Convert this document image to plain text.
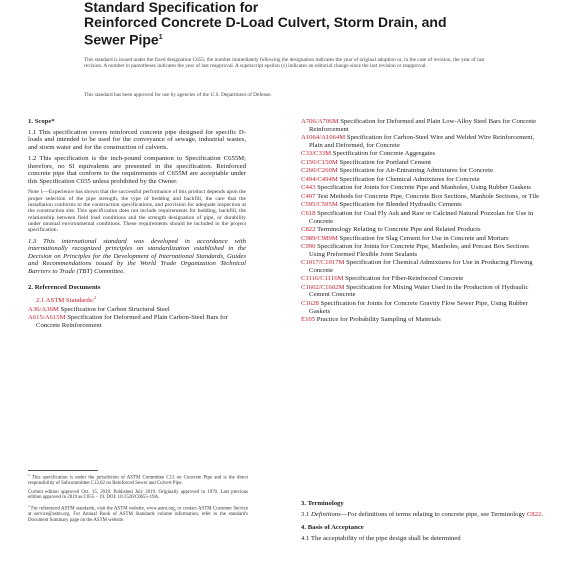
Standard Specification for
Reinforced Concrete D-Load Culvert, Storm Drain, and
Sewer Pipe$^1$
This standard is issued under the fixed designation C655; the number immediately following the designation indicates the year of original adoption or, in the case of revision, the year of last revision. A number in parentheses indicates the year of last reapproval. A superscript epsilon (ε) indicates an editorial change since the last revision or reapproval.
This standard has been approved for use by agencies of the U.S. Department of Defense.
1. Scope*
1.1 This specification covers reinforced concrete pipe designed for specific D-loads and intended to be used for the conveyance of sewage, industrial wastes, and storm water and for the construction of culverts.
1.2 This specification is the inch-pound companion to Specification C655M; therefore, no SI equivalents are presented in the specification. Reinforced concrete pipe that conform to the requirements of C655M are acceptable under this Specification C655 unless prohibited by the Owner.
Note 1—Experience has shown that the successful performance of this product depends upon the proper selection of the pipe strength, the type of bedding and backfill, the care that the installation conforms to the construction specifications, and provision for adequate inspection at the construction site. This specification does not include requirements for bedding, backfill, the relationship between field load conditions and the strength designation of pipe, or durability under unusual environmental conditions. These requirements should be included in the project specification.
1.3 This international standard was developed in accordance with internationally recognized principles on standardization established in the Decision on Principles for the Development of International Standards, Guides and Recommendations issued by the World Trade Organization Technical Barriers to Trade (TBT) Committee.
2. Referenced Documents
2.1 ASTM Standards:$^2$
A36/A36M Specification for Carbon Structural Steel
A615/A615M Specification for Deformed and Plain Carbon-Steel Bars for Concrete Reinforcement

$^1$ This specification is under the jurisdiction of ASTM Committee C13 on Concrete Pipe and is the direct responsibility of Subcommittee C13.02 on Reinforced Sewer and Culvert Pipe.

Current edition approved Oct. 15, 2019. Published July 2019. Originally approved in 1970. Last previous edition approved in 2019 as C655 – 19. DOI: 10.1520/C0655-19A.

$^2$ For referenced ASTM standards, visit the ASTM website, www.astm.org, or contact ASTM Customer Service at service@astm.org. For Annual Book of ASTM Standards volume information, refer to the standard's Document Summary page on the ASTM website.

A706/A706M Specification for Deformed and Plain Low-Alloy Steel Bars for Concrete Reinforcement
A1064/A1064M Specification for Carbon-Steel Wire and Welded Wire Reinforcement, Plain and Deformed, for Concrete
C33/C33M Specification for Concrete Aggregates
C150/C150M Specification for Portland Cement
C260/C260M Specification for Air-Entraining Admixtures for Concrete
C494/C494M Specification for Chemical Admixtures for Concrete
C443 Specification for Joints for Concrete Pipe and Manholes, Using Rubber Gaskets
C497 Test Methods for Concrete Pipe, Concrete Box Sections, Manhole Sections, or Tile
C595/C595M Specification for Blended Hydraulic Cements
C618 Specification for Coal Fly Ash and Raw or Calcined Natural Pozzolan for Use in Concrete
C822 Terminology Relating to Concrete Pipe and Related Products
C989/C989M Specification for Slag Cement for Use in Concrete and Mortars
C990 Specification for Joints for Concrete Pipe, Manholes, and Precast Box Sections Using Preformed Flexible Joint Sealants
C1017/C1017M Specification for Chemical Admixtures for Use in Producing Flowing Concrete
C1116/C1116M Specification for Fiber-Reinforced Concrete
C1602/C1602M Specification for Mixing Water Used in the Production of Hydraulic Cement Concrete
C1628 Specification for Joints for Concrete Gravity Flow Sewer Pipe, Using Rubber Gaskets
E105 Practice for Probability Sampling of Materials
3. Terminology
3.1 Definitions—For definitions of terms relating to concrete pipe, see Terminology C822.
4. Basis of Acceptance
4.1 The acceptability of the pipe design shall be determined
